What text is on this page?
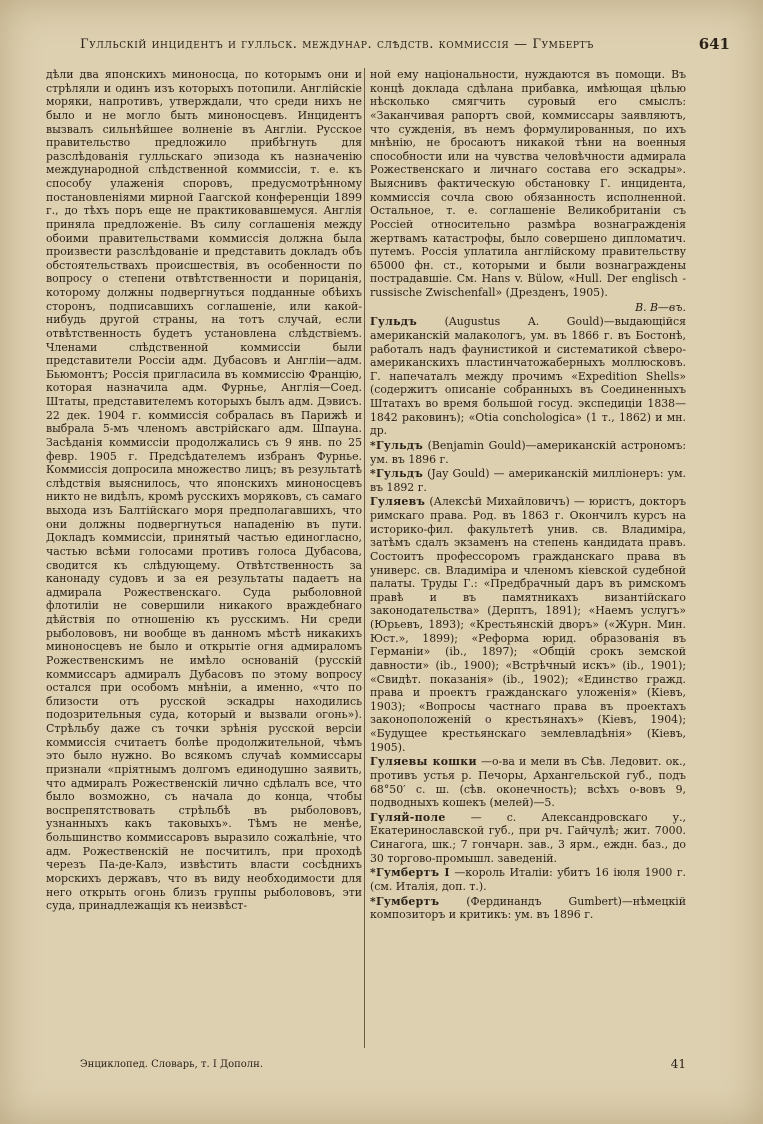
Гулльскій инцидентъ и гулльск. междунар. слѣдств. коммиссія — Гумбертъ	641

дѣли два японскихъ миноносца, по которымъ они и стрѣляли и одинъ изъ которыхъ потопили. Англійскіе моряки, напротивъ, утверждали, что среди нихъ не было и не могло быть миноносцевъ. Инцидентъ вызвалъ сильнѣйшее волненіе въ Англіи. Русское правительство предложило прибѣгнуть для разслѣдованія гулльскаго эпизода къ назначенію международной слѣдственной коммиссіи, т. е. къ способу улаженія споровъ, предусмотрѣнному постановленіями мирной Гаагской конференціи 1899 г., до тѣхъ поръ еще не практиковавшемуся. Англія приняла предложеніе. Въ силу соглашенія между обоими правительствами коммиссія должна была произвести разслѣдованіе и представить докладъ объ обстоятельствахъ происшествія, въ особенности по вопросу о степени отвѣтственности и порицанія, которому должны подвергнуться подданные обѣихъ сторонъ, подписавшихъ соглашеніе, или какой-нибудь другой страны, на тотъ случай, если отвѣтственность будетъ установлена слѣдствіемъ. Членами слѣдственной коммиссіи были представители Россіи адм. Дубасовъ и Англіи—адм. Бьюмонтъ; Россія пригласила въ коммиссію Францію, которая назначила адм. Фурнье, Англія—Соед. Штаты, представителемъ которыхъ былъ адм. Дэвисъ. 22 дек. 1904 г. коммиссія собралась въ Парижѣ и выбрала 5-мъ членомъ австрійскаго адм. Шпауна. Засѣданія коммиссіи продолжались съ 9 янв. по 25 февр. 1905 г. Предсѣдателемъ избранъ Фурнье. Коммиссія допросила множество лицъ; въ результатѣ слѣдствія выяснилось, что японскихъ миноносцевъ никто не видѣлъ, кромѣ русскихъ моряковъ, съ самаго выхода изъ Балтійскаго моря предполагавшихъ, что они должны подвергнуться нападенію въ пути. Докладъ коммиссіи, принятый частью единогласно, частью всѣми голосами противъ голоса Дубасова, сводится къ слѣдующему. Отвѣтственность за канонаду судовъ и за ея результаты падаетъ на адмирала Рожественскаго. Суда рыболовной флотиліи не совершили никакого враждебнаго дѣйствія по отношенію къ русскимъ. Ни среди рыболововъ, ни вообще въ данномъ мѣстѣ никакихъ миноносцевъ не было и открытіе огня адмираломъ Рожественскимъ не имѣло основаній (русскій коммиссаръ адмиралъ Дубасовъ по этому вопросу остался при особомъ мнѣніи, а именно, «что по близости отъ русской эскадры находились подозрительныя суда, который и вызвали огонь»). Стрѣльбу даже съ точки зрѣнія русской версіи коммиссія считаетъ болѣе продолжительной, чѣмъ это было нужно. Во всякомъ случаѣ коммиссары признали «пріятнымъ долгомъ единодушно заявить, что адмиралъ Рожественскій лично сдѣлалъ все, что было возможно, съ начала до конца, чтобы воспрепятствовать стрѣльбѣ въ рыболововъ, узнанныхъ какъ таковыхъ». Тѣмъ не менѣе, большинство коммиссаровъ выразило сожалѣніе, что адм. Рожественскій не посчитилъ, при проходѣ черезъ Па-де-Калэ, извѣстить власти сосѣднихъ морскихъ державъ, что въ виду необходимости для него открыть огонь близъ группы рыболововъ, эти суда, принадлежащія къ неизвѣст-

ной ему національности, нуждаются въ помощи. Въ концѣ доклада сдѣлана прибавка, имѣющая цѣлью нѣсколько смягчить суровый его смыслъ: «Заканчивая рапортъ свой, коммиссары заявляютъ, что сужденія, въ немъ формулированныя, по ихъ мнѣнію, не бросаютъ никакой тѣни на военныя способности или на чувства человѣчности адмирала Рожественскаго и личнаго состава его эскадры». Выяснивъ фактическую обстановку Г. инцидента, коммиссія сочла свою обязанность исполненной. Остальное, т. е. соглашеніе Великобританіи съ Россіей относительно размѣра вознагражденія жертвамъ катастрофы, было совершено дипломатич. путемъ. Россія уплатила англійскому правительству 65000 фн. ст., которыми и были вознаграждены пострадавшіе. См. Hans v. Bülow, «Hull. Der englisch - russische Zwischenfall» (Дрезденъ, 1905).

В. В—въ.

Гульдъ	(Augustus A. Gould)—выдающійся американскій малакологъ, ум. въ 1866 г. въ Бостонѣ, работалъ надъ фаунистикой и систематикой сѣверо-американскихъ пластинчатожаберныхъ моллюсковъ. Г. напечаталъ между прочимъ «Expedition Shells» (содержитъ описаніе собранныхъ въ Соединенныхъ Штатахъ во время большой госуд. экспедиціи 1838—1842 раковинъ); «Otia conchologica» (1 т., 1862) и мн. др.

*Гульдъ (Benjamin Gould)—американскій астрономъ: ум. въ 1896 г.

*Гульдъ (Jay Gould) — американскій милліонеръ: ум. въ 1892 г.

Гуляевъ (Алексѣй Михайловичъ) — юристъ, докторъ римскаго права. Род. въ 1863 г. Окончилъ курсъ на историко-фил. факультетѣ унив. св. Владиміра, затѣмъ сдалъ экзаменъ на степень кандидата правъ. Состоитъ профессоромъ гражданскаго права въ универс. св. Владиміра и членомъ кіевской судебной палаты. Труды Г.: «Предбрачный даръ въ римскомъ правѣ и въ памятникахъ византійскаго законодательства» (Дерптъ, 1891); «Наемъ услугъ» (Юрьевъ, 1893); «Крестьянскій дворъ» («Журн. Мин. Юст.», 1899); «Реформа юрид. образованія въ Германіи» (ib., 1897); «Общій срокъ земской давности» (ib., 1900); «Встрѣчный искъ» (ib., 1901); «Свидѣт. показанія» (ib., 1902); «Единство гражд. права и проектъ гражданскаго уложенія» (Кіевъ, 1903); «Вопросы частнаго права въ проектахъ законоположеній о крестьянахъ» (Кіевъ, 1904); «Будущее крестьянскаго землевладѣнія» (Кіевъ, 1905).

Гуляевы кошки —о-ва и мели въ Сѣв. Ледовит. ок., противъ устья р. Печоры, Архангельской губ., подъ 68°50′ с. ш. (сѣв. оконечность); всѣхъ о-вовъ 9, подводныхъ кошекъ (мелей)—5.

Гуляй-поле — с. Александровскаго у., Екатеринославской губ., при рч. Гайчулѣ; жит. 7000. Синагога, шк.; 7 гончарн. зав., 3 ярм., еждн. баз., до 30 торгово-промышл. заведеній.

*Гумбертъ I —король Италіи: убитъ 16 іюля 1900 г. (см. Италія, доп. т.).

*Гумбертъ (Фердинандъ Gumbert)—нѣмецкій композиторъ и критикъ: ум. въ 1896 г.

Энциклопед. Словарь, т. I Дополн.	41
